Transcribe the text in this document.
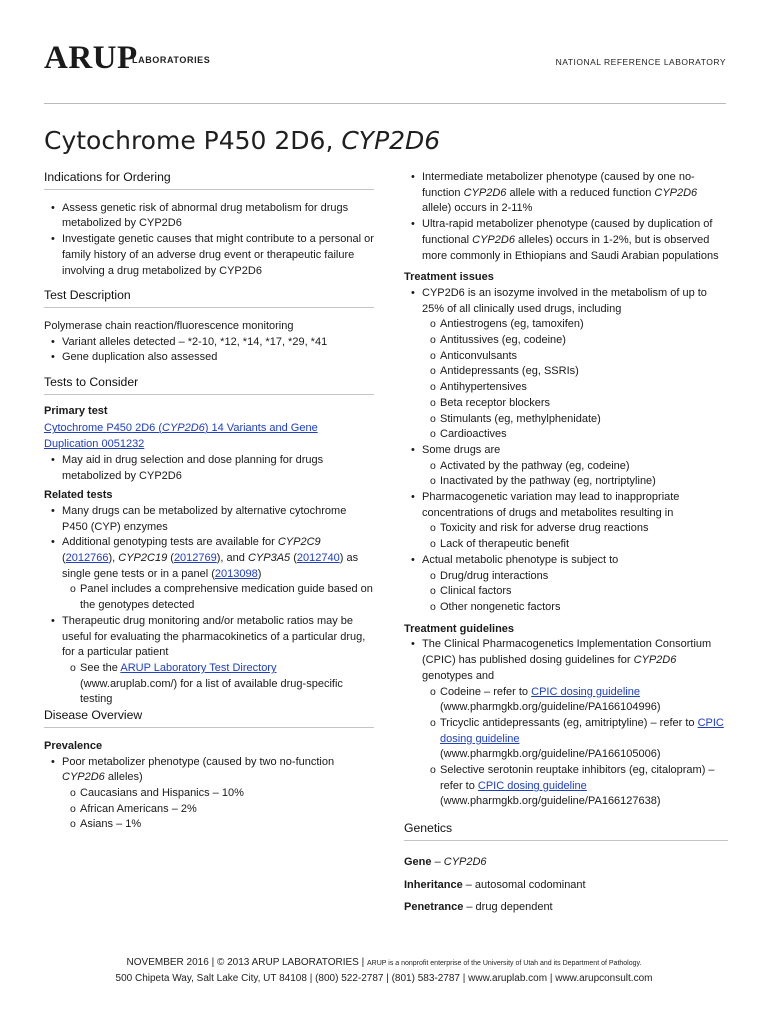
ARUP
LABORATORIES	NATIONAL REFERENCE LABORATORY
Cytochrome P450 2D6, CYP2D6
Indications for Ordering
• Assess genetic risk of abnormal drug metabolism for drugs metabolized by CYP2D6
• Investigate genetic causes that might contribute to a personal or family history of an adverse drug event or therapeutic failure involving a drug metabolized by CYP2D6
Test Description
Polymerase chain reaction/fluorescence monitoring
• Variant alleles detected – *2-10, *12, *14, *17, *29, *41
• Gene duplication also assessed
Tests to Consider
Primary test
Cytochrome P450 2D6 (CYP2D6) 14 Variants and Gene Duplication 0051232
• May aid in drug selection and dose planning for drugs metabolized by CYP2D6
Related tests
• Many drugs can be metabolized by alternative cytochrome P450 (CYP) enzymes
• Additional genotyping tests are available for CYP2C9 (2012766), CYP2C19 (2012769), and CYP3A5 (2012740) as single gene tests or in a panel (2013098)
o Panel includes a comprehensive medication guide based on the genotypes detected
• Therapeutic drug monitoring and/or metabolic ratios may be useful for evaluating the pharmacokinetics of a particular drug, for a particular patient
o See the ARUP Laboratory Test Directory (www.aruplab.com/) for a list of available drug-specific testing
Disease Overview
Prevalence
• Poor metabolizer phenotype (caused by two no-function CYP2D6 alleles)
o Caucasians and Hispanics – 10%
o African Americans – 2%
o Asians – 1%
• Intermediate metabolizer phenotype (caused by one no-function CYP2D6 allele with a reduced function CYP2D6 allele) occurs in 2-11%
• Ultra-rapid metabolizer phenotype (caused by duplication of functional CYP2D6 alleles) occurs in 1-2%, but is observed more commonly in Ethiopians and Saudi Arabian populations
Treatment issues
• CYP2D6 is an isozyme involved in the metabolism of up to 25% of all clinically used drugs, including
o Antiestrogens (eg, tamoxifen)
o Antitussives (eg, codeine)
o Anticonvulsants
o Antidepressants (eg, SSRIs)
o Antihypertensives
o Beta receptor blockers
o Stimulants (eg, methylphenidate)
o Cardioactives
• Some drugs are
o Activated by the pathway (eg, codeine)
o Inactivated by the pathway (eg, nortriptyline)
• Pharmacogenetic variation may lead to inappropriate concentrations of drugs and metabolites resulting in
o Toxicity and risk for adverse drug reactions
o Lack of therapeutic benefit
• Actual metabolic phenotype is subject to
o Drug/drug interactions
o Clinical factors
o Other nongenetic factors
Treatment guidelines
• The Clinical Pharmacogenetics Implementation Consortium (CPIC) has published dosing guidelines for CYP2D6 genotypes and
o Codeine – refer to CPIC dosing guideline
(www.pharmgkb.org/guideline/PA166104996)
o Tricyclic antidepressants (eg, amitriptyline) – refer to CPIC dosing guideline
(www.pharmgkb.org/guideline/PA166105006)
o Selective serotonin reuptake inhibitors (eg, citalopram) – refer to CPIC dosing guideline
(www.pharmgkb.org/guideline/PA166127638)
Genetics
Gene – CYP2D6
Inheritance – autosomal codominant
Penetrance – drug dependent
NOVEMBER 2016 | © 2013 ARUP LABORATORIES | ARUP is a nonprofit enterprise of the University of Utah and its Department of Pathology.
500 Chipeta Way, Salt Lake City, UT 84108 | (800) 522-2787 | (801) 583-2787 | www.aruplab.com | www.arupconsult.com
